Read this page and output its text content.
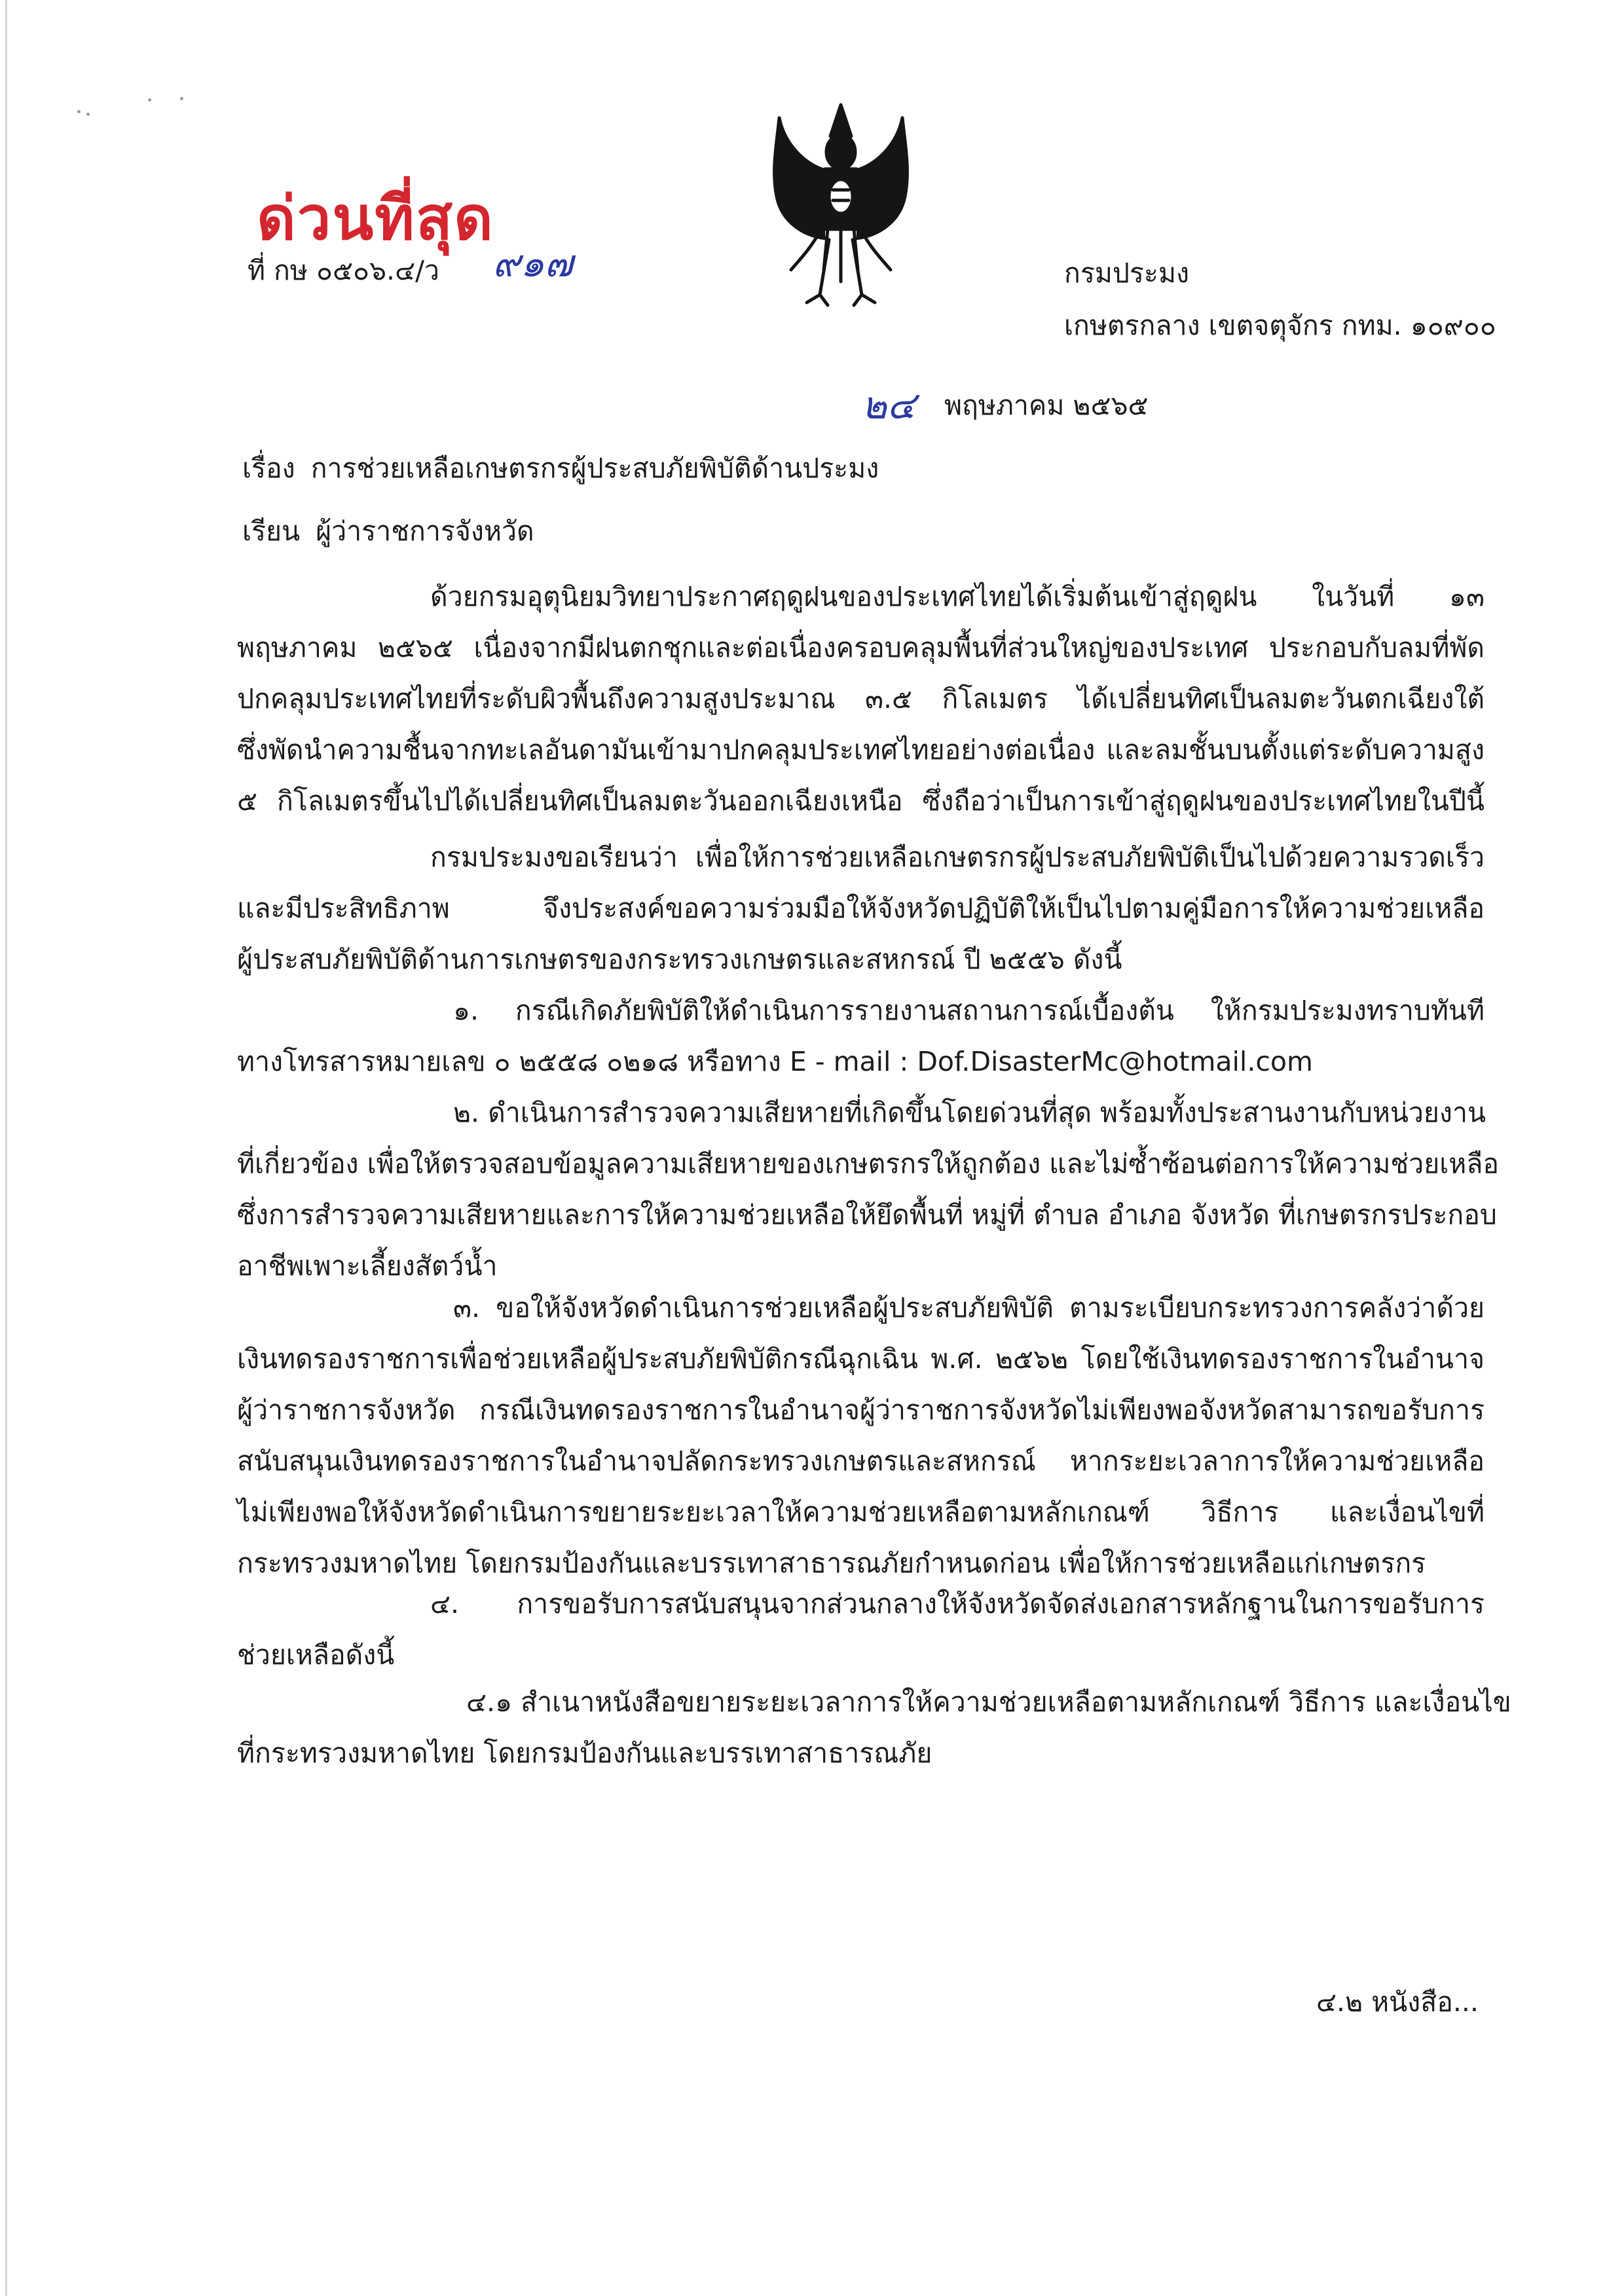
ด่วนที่สุด
ที่ กษ ๐๕๐๖.๔/ว ๙๑๗	กรมประมง
เกษตรกลาง เขตจตุจักร กทม. ๑๐๙๐๐
๒๔ พฤษภาคม ๒๕๖๕
เรื่อง การช่วยเหลือเกษตรกรผู้ประสบภัยพิบัติด้านประมง
เรียน ผู้ว่าราชการจังหวัด
ด้วยกรมอุตุนิยมวิทยาประกาศฤดูฝนของประเทศไทยได้เริ่มต้นเข้าสู่ฤดูฝน ในวันที่ ๑๓
พฤษภาคม ๒๕๖๕ เนื่องจากมีฝนตกชุกและต่อเนื่องครอบคลุมพื้นที่ส่วนใหญ่ของประเทศ ประกอบกับลมที่พัด
ปกคลุมประเทศไทยที่ระดับผิวพื้นถึงความสูงประมาณ ๓.๕ กิโลเมตร ได้เปลี่ยนทิศเป็นลมตะวันตกเฉียงใต้
ซึ่งพัดนำความชื้นจากทะเลอันดามันเข้ามาปกคลุมประเทศไทยอย่างต่อเนื่อง และลมชั้นบนตั้งแต่ระดับความสูง
๕ กิโลเมตรขึ้นไปได้เปลี่ยนทิศเป็นลมตะวันออกเฉียงเหนือ ซึ่งถือว่าเป็นการเข้าสู่ฤดูฝนของประเทศไทยในปีนี้
กรมประมงขอเรียนว่า เพื่อให้การช่วยเหลือเกษตรกรผู้ประสบภัยพิบัติเป็นไปด้วยความรวดเร็ว
และมีประสิทธิภาพ จึงประสงค์ขอความร่วมมือให้จังหวัดปฏิบัติให้เป็นไปตามคู่มือการให้ความช่วยเหลือ
ผู้ประสบภัยพิบัติด้านการเกษตรของกระทรวงเกษตรและสหกรณ์ ปี ๒๕๕๖ ดังนี้
๑. กรณีเกิดภัยพิบัติให้ดำเนินการรายงานสถานการณ์เบื้องต้น ให้กรมประมงทราบทันที
ทางโทรสารหมายเลข ๐ ๒๕๕๘ ๐๒๑๘ หรือทาง E - mail : Dof.DisasterMc@hotmail.com
๒. ดำเนินการสำรวจความเสียหายที่เกิดขึ้นโดยด่วนที่สุด พร้อมทั้งประสานงานกับหน่วยงาน
ที่เกี่ยวข้อง เพื่อให้ตรวจสอบข้อมูลความเสียหายของเกษตรกรให้ถูกต้อง และไม่ซ้ำซ้อนต่อการให้ความช่วยเหลือ
ซึ่งการสำรวจความเสียหายและการให้ความช่วยเหลือให้ยึดพื้นที่ หมู่ที่ ตำบล อำเภอ จังหวัด ที่เกษตรกรประกอบ
อาชีพเพาะเลี้ยงสัตว์น้ำ
๓. ขอให้จังหวัดดำเนินการช่วยเหลือผู้ประสบภัยพิบัติ ตามระเบียบกระทรวงการคลังว่าด้วย
เงินทดรองราชการเพื่อช่วยเหลือผู้ประสบภัยพิบัติกรณีฉุกเฉิน พ.ศ. ๒๕๖๒ โดยใช้เงินทดรองราชการในอำนาจ
ผู้ว่าราชการจังหวัด กรณีเงินทดรองราชการในอำนาจผู้ว่าราชการจังหวัดไม่เพียงพอจังหวัดสามารถขอรับการ
สนับสนุนเงินทดรองราชการในอำนาจปลัดกระทรวงเกษตรและสหกรณ์ หากระยะเวลาการให้ความช่วยเหลือ
ไม่เพียงพอให้จังหวัดดำเนินการขยายระยะเวลาให้ความช่วยเหลือตามหลักเกณฑ์ วิธีการ และเงื่อนไขที่
กระทรวงมหาดไทย โดยกรมป้องกันและบรรเทาสาธารณภัยกำหนดก่อน เพื่อให้การช่วยเหลือแก่เกษตรกร
๔. การขอรับการสนับสนุนจากส่วนกลางให้จังหวัดจัดส่งเอกสารหลักฐานในการขอรับการ
ช่วยเหลือดังนี้
๔.๑ สำเนาหนังสือขยายระยะเวลาการให้ความช่วยเหลือตามหลักเกณฑ์ วิธีการ และเงื่อนไข
ที่กระทรวงมหาดไทย โดยกรมป้องกันและบรรเทาสาธารณภัย
๔.๒ หนังสือ...
